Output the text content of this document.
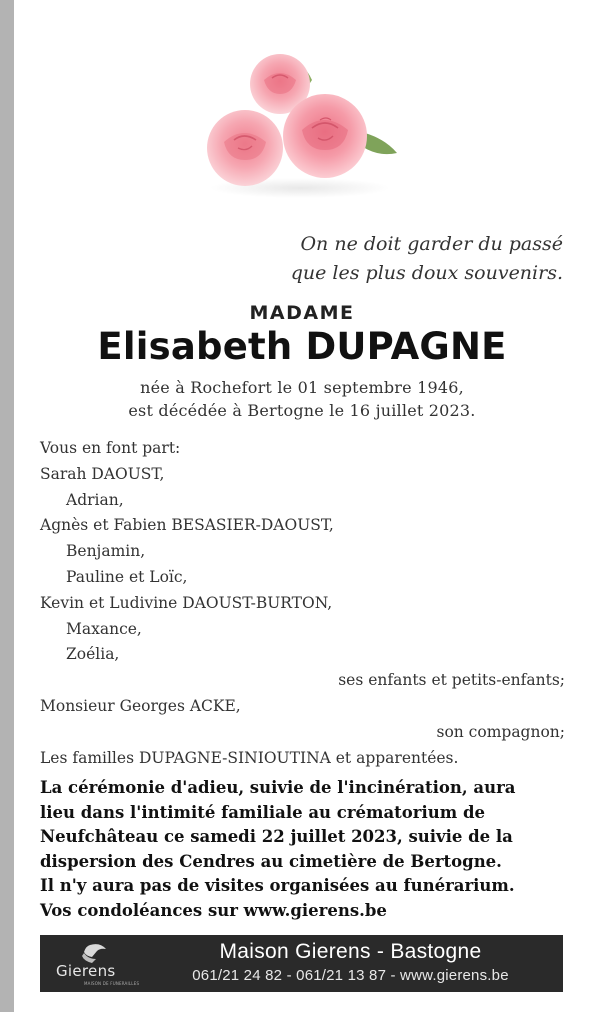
On ne doit garder du passé
que les plus doux souvenirs.
MADAME
Elisabeth DUPAGNE
née à Rochefort le 01 septembre 1946,
est décédée à Bertogne le 16 juillet 2023.
Vous en font part:
Sarah DAOUST,
Adrian,
Agnès et Fabien BESASIER-DAOUST,
Benjamin,
Pauline et Loïc,
Kevin et Ludivine DAOUST-BURTON,
Maxance,
Zoélia,
ses enfants et petits-enfants;
Monsieur Georges ACKE,
son compagnon;
Les familles DUPAGNE-SINIOUTINA et apparentées.
La cérémonie d'adieu, suivie de l'incinération, aura
lieu dans l'intimité familiale au crématorium de
Neufchâteau ce samedi 22 juillet 2023, suivie de la
dispersion des Cendres au cimetière de Bertogne.
Il n'y aura pas de visites organisées au funérarium.
Vos condoléances sur www.gierens.be
Gierens
MAISON DE FUNERAILLES
Maison Gierens - Bastogne
061/21 24 82 - 061/21 13 87 - www.gierens.be
